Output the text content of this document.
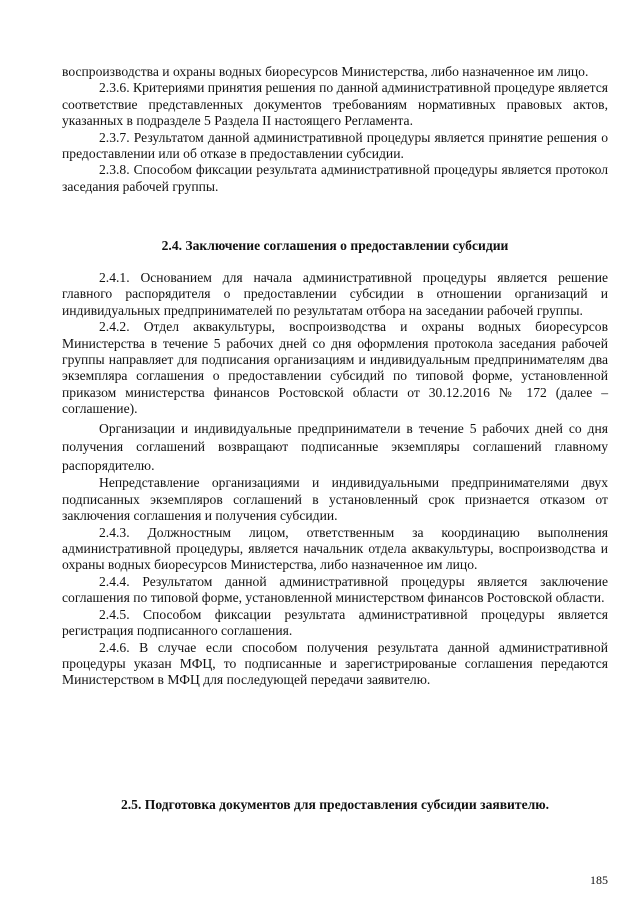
воспроизводства и охраны водных биоресурсов Министерства, либо назначенное им лицо.

2.3.6. Критериями принятия решения по данной административной процедуре является соответствие представленных документов требованиям нормативных правовых актов, указанных в подразделе 5 Раздела II настоящего Регламента.

2.3.7. Результатом данной административной процедуры является принятие решения о предоставлении или об отказе в предоставлении субсидии.

2.3.8. Способом фиксации результата административной процедуры является протокол заседания рабочей группы.

2.4. Заключение соглашения о предоставлении субсидии

2.4.1. Основанием для начала административной процедуры является решение главного распорядителя о предоставлении субсидии в отношении организаций и индивидуальных предпринимателей по результатам отбора на заседании рабочей группы.

2.4.2. Отдел аквакультуры, воспроизводства и охраны водных биоресурсов Министерства в течение 5 рабочих дней со дня оформления протокола заседания рабочей группы направляет для подписания организациям и индивидуальным предпринимателям два экземпляра соглашения о предоставлении субсидий по типовой форме, установленной приказом министерства финансов Ростовской области от 30.12.2016 № 172 (далее – соглашение).

Организации и индивидуальные предприниматели в течение 5 рабочих дней со дня получения соглашений возвращают подписанные экземпляры соглашений главному распорядителю.

Непредставление организациями и индивидуальными предпринимателями двух подписанных экземпляров соглашений в установленный срок признается отказом от заключения соглашения и получения субсидии.

2.4.3. Должностным лицом, ответственным за координацию выполнения административной процедуры, является начальник отдела аквакультуры, воспроизводства и охраны водных биоресурсов Министерства, либо назначенное им лицо.

2.4.4. Результатом данной административной процедуры является заключение соглашения по типовой форме, установленной министерством финансов Ростовской области.

2.4.5. Способом фиксации результата административной процедуры является регистрация подписанного соглашения.

2.4.6. В случае если способом получения результата данной административной процедуры указан МФЦ, то подписанные и зарегистрированые соглашения передаются Министерством в МФЦ для последующей передачи заявителю.

2.5. Подготовка документов для предоставления субсидии заявителю.
185
